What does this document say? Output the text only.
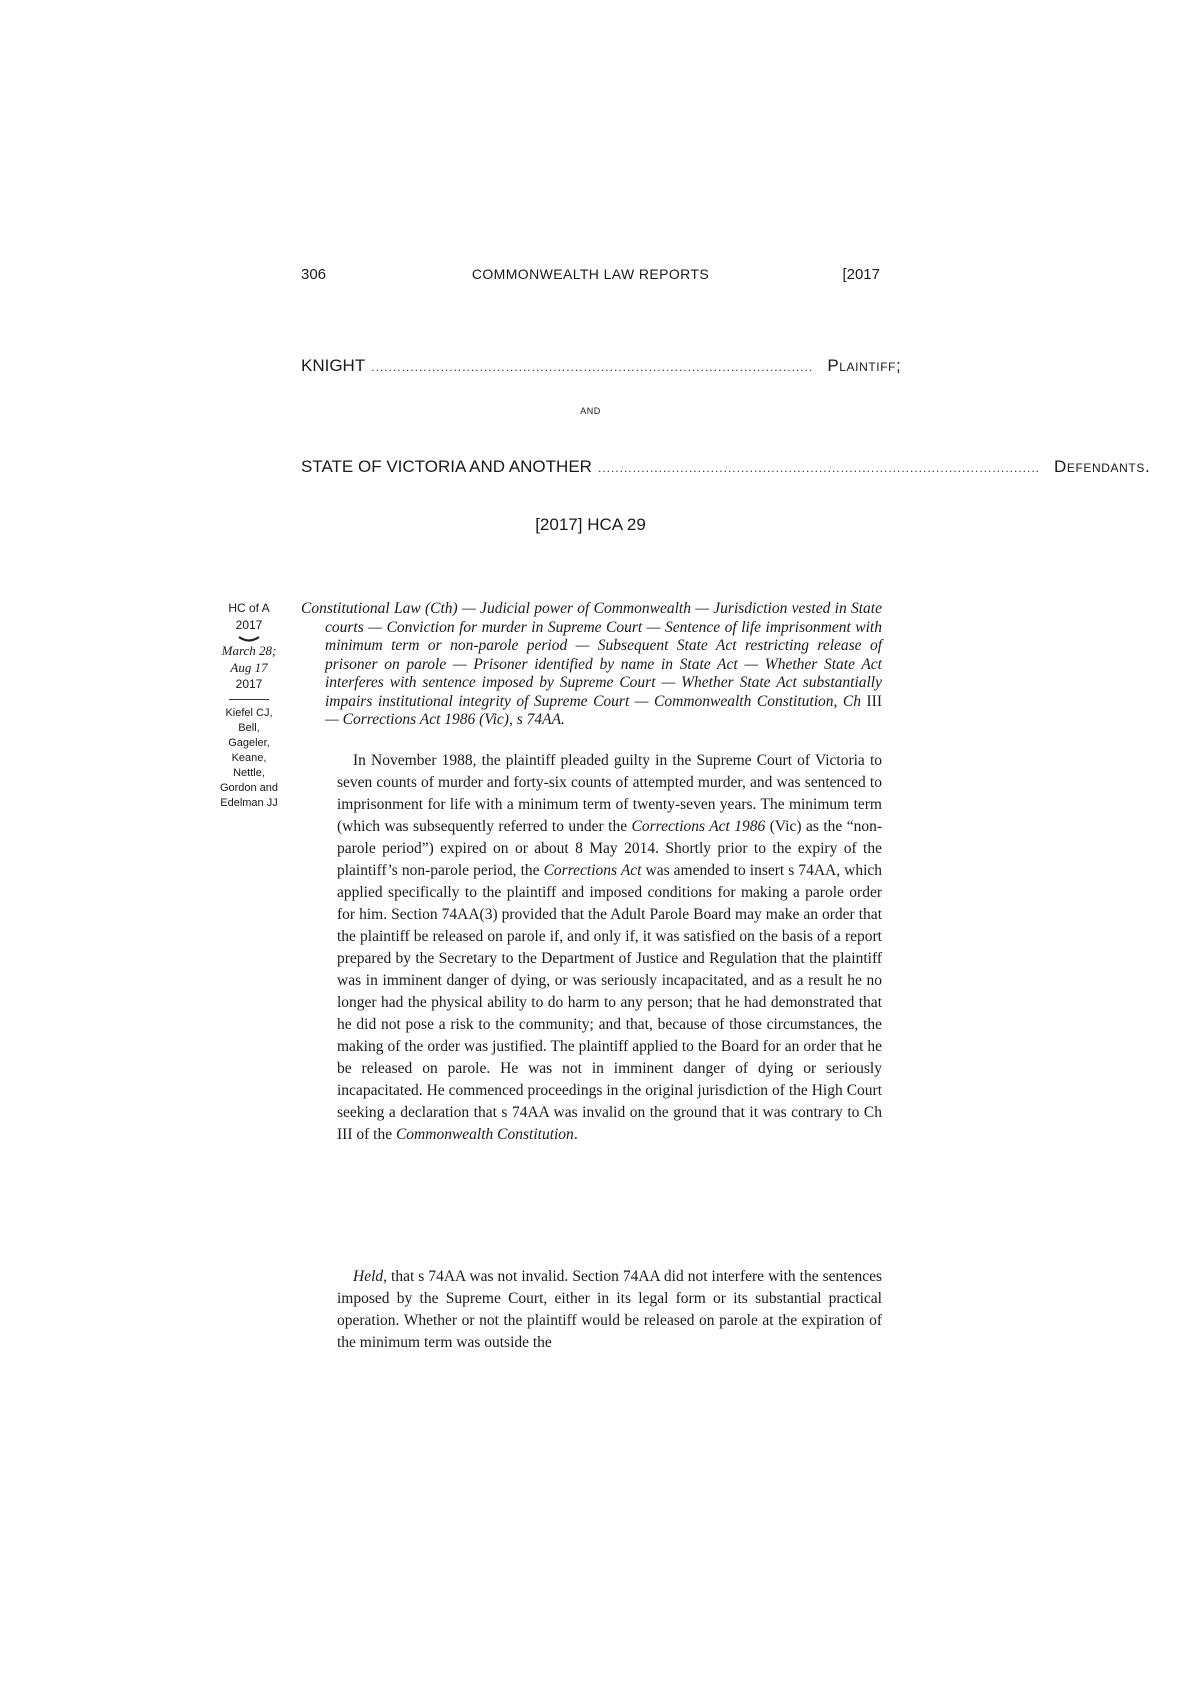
306	COMMONWEALTH LAW REPORTS	[2017
KNIGHT ...................................................................................................... Plaintiff;
and
STATE OF VICTORIA AND ANOTHER ...................................................................................................... Defendants.
[2017] HCA 29
HC of A
2017
March 28;
Aug 17
2017
Kiefel CJ,
Bell,
Gageler,
Keane,
Nettle,
Gordon and
Edelman JJ
Constitutional Law (Cth) — Judicial power of Commonwealth — Jurisdiction vested in State courts — Conviction for murder in Supreme Court — Sentence of life imprisonment with minimum term or non-parole period — Subsequent State Act restricting release of prisoner on parole — Prisoner identified by name in State Act — Whether State Act interferes with sentence imposed by Supreme Court — Whether State Act substantially impairs institutional integrity of Supreme Court — Commonwealth Constitution, Ch III — Corrections Act 1986 (Vic), s 74AA.

In November 1988, the plaintiff pleaded guilty in the Supreme Court of Victoria to seven counts of murder and forty-six counts of attempted murder, and was sentenced to imprisonment for life with a minimum term of twenty-seven years. The minimum term (which was subsequently referred to under the Corrections Act 1986 (Vic) as the “non-parole period”) expired on or about 8 May 2014. Shortly prior to the expiry of the plaintiff’s non-parole period, the Corrections Act was amended to insert s 74AA, which applied specifically to the plaintiff and imposed conditions for making a parole order for him. Section 74AA(3) provided that the Adult Parole Board may make an order that the plaintiff be released on parole if, and only if, it was satisfied on the basis of a report prepared by the Secretary to the Department of Justice and Regulation that the plaintiff was in imminent danger of dying, or was seriously incapacitated, and as a result he no longer had the physical ability to do harm to any person; that he had demonstrated that he did not pose a risk to the community; and that, because of those circumstances, the making of the order was justified. The plaintiff applied to the Board for an order that he be released on parole. He was not in imminent danger of dying or seriously incapacitated. He commenced proceedings in the original jurisdiction of the High Court seeking a declaration that s 74AA was invalid on the ground that it was contrary to Ch III of the Commonwealth Constitution.

Held, that s 74AA was not invalid. Section 74AA did not interfere with the sentences imposed by the Supreme Court, either in its legal form or its substantial practical operation. Whether or not the plaintiff would be released on parole at the expiration of the minimum term was outside the
